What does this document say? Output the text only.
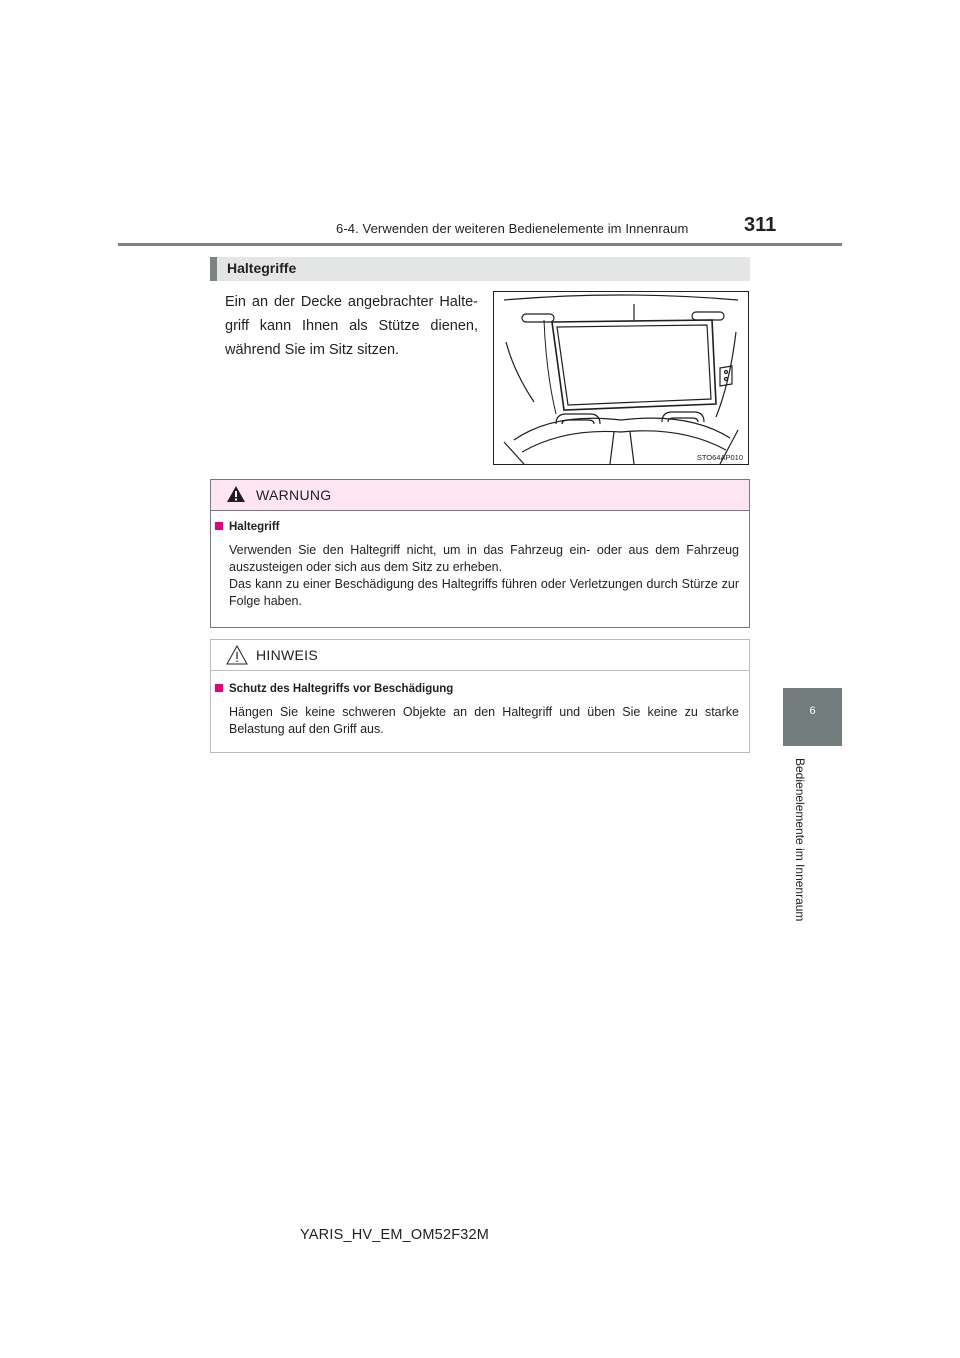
6-4. Verwenden der weiteren Bedienelemente im Innenraum	311
6
Bedienelemente im Innenraum
Haltegriffe
Ein an der Decke angebrachter Halte-griff kann Ihnen als Stütze dienen, während Sie im Sitz sitzen.
STO64AP010
WARNUNG
Haltegriff
Verwenden Sie den Haltegriff nicht, um in das Fahrzeug ein- oder aus dem Fahrzeug auszusteigen oder sich aus dem Sitz zu erheben.
Das kann zu einer Beschädigung des Haltegriffs führen oder Verletzungen durch Stürze zur Folge haben.
HINWEIS
Schutz des Haltegriffs vor Beschädigung
Hängen Sie keine schweren Objekte an den Haltegriff und üben Sie keine zu starke Belastung auf den Griff aus.
YARIS_HV_EM_OM52F32M
